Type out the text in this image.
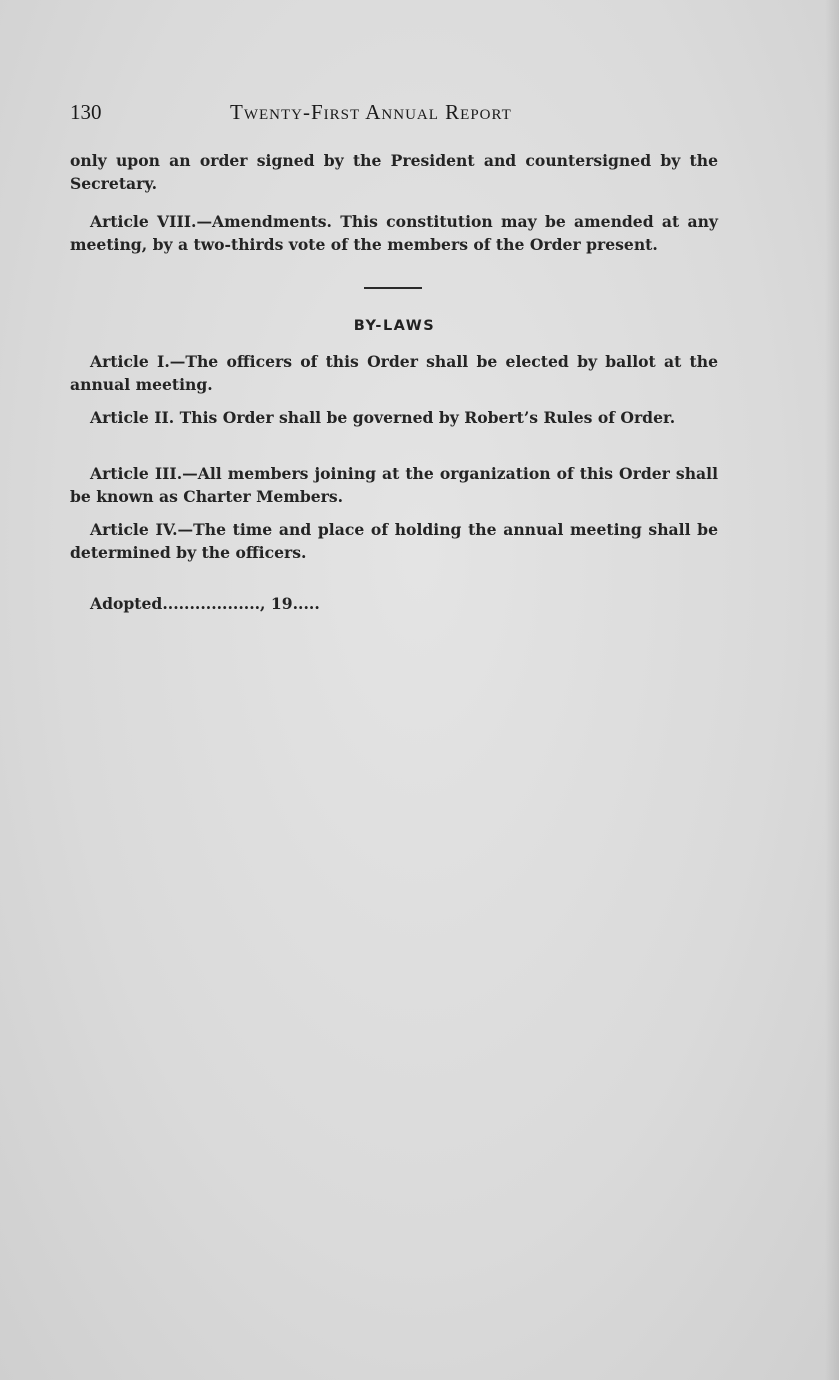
130	Twenty-First Annual Report

only upon an order signed by the President and countersigned by the Secretary.

Article VIII.—Amendments. This constitution may be amended at any meeting, by a two-thirds vote of the members of the Order present.

BY-LAWS

Article I.—The officers of this Order shall be elected by ballot at the annual meeting.

Article II. This Order shall be governed by Robert’s Rules of Order.

Article III.—All members joining at the organization of this Order shall be known as Charter Members.

Article IV.—The time and place of holding the annual meeting shall be determined by the officers.

Adopted.................., 19.....
